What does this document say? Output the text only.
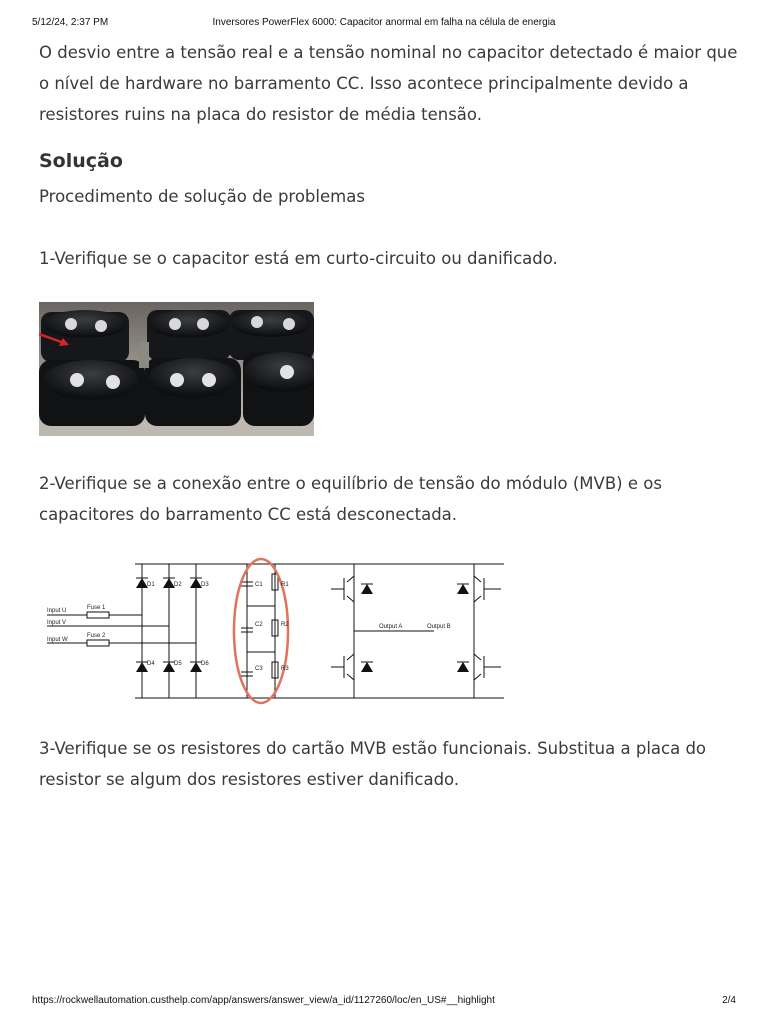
5/12/24, 2:37 PM	Inversores PowerFlex 6000: Capacitor anormal em falha na célula de energia

O desvio entre a tensão real e a tensão nominal no capacitor detectado é maior que o nível de hardware no barramento CC. Isso acontece principalmente devido a resistores ruins na placa do resistor de média tensão.

Solução

Procedimento de solução de problemas

1-Verifique se o capacitor está em curto-circuito ou danificado.

2-Verifique se a conexão entre o equilíbrio de tensão do módulo (MVB) e os capacitores do barramento CC está desconectada.

Input U
Input V
Input W
Fuse 1
Fuse 2
D1	D2	D3
D4	D5	D6
C1
C2
C3
R1
R2
R3
Output A	Output B

3-Verifique se os resistores do cartão MVB estão funcionais. Substitua a placa do resistor se algum dos resistores estiver danificado.

https://rockwellautomation.custhelp.com/app/answers/answer_view/a_id/1127260/loc/en_US#__highlight	2/4
